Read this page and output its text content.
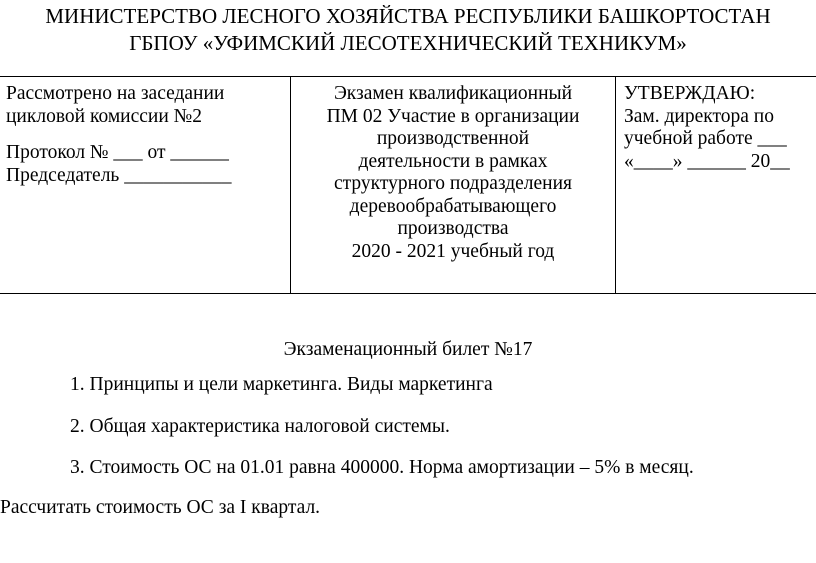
МИНИСТЕРСТВО ЛЕСНОГО ХОЗЯЙСТВА РЕСПУБЛИКИ БАШКОРТОСТАН
ГБПОУ «УФИМСКИЙ ЛЕСОТЕХНИЧЕСКИЙ ТЕХНИКУМ»
Рассмотрено на заседании
цикловой комиссии №2
Протокол № ___ от ______
Председатель ___________
Экзамен квалификационный
ПМ 02 Участие в организации
производственной
деятельности в рамках
структурного подразделения
деревообрабатывающего
производства
2020 - 2021 учебный год
УТВЕРЖДАЮ:
Зам. директора по
учебной работе ___
«____» ______ 20__
Экзаменационный билет №17
1. Принципы и цели маркетинга. Виды маркетинга
2. Общая характеристика налоговой системы.
3. Стоимость ОС на 01.01 равна 400000. Норма амортизации – 5% в месяц.
Рассчитать стоимость ОС за I квартал.
